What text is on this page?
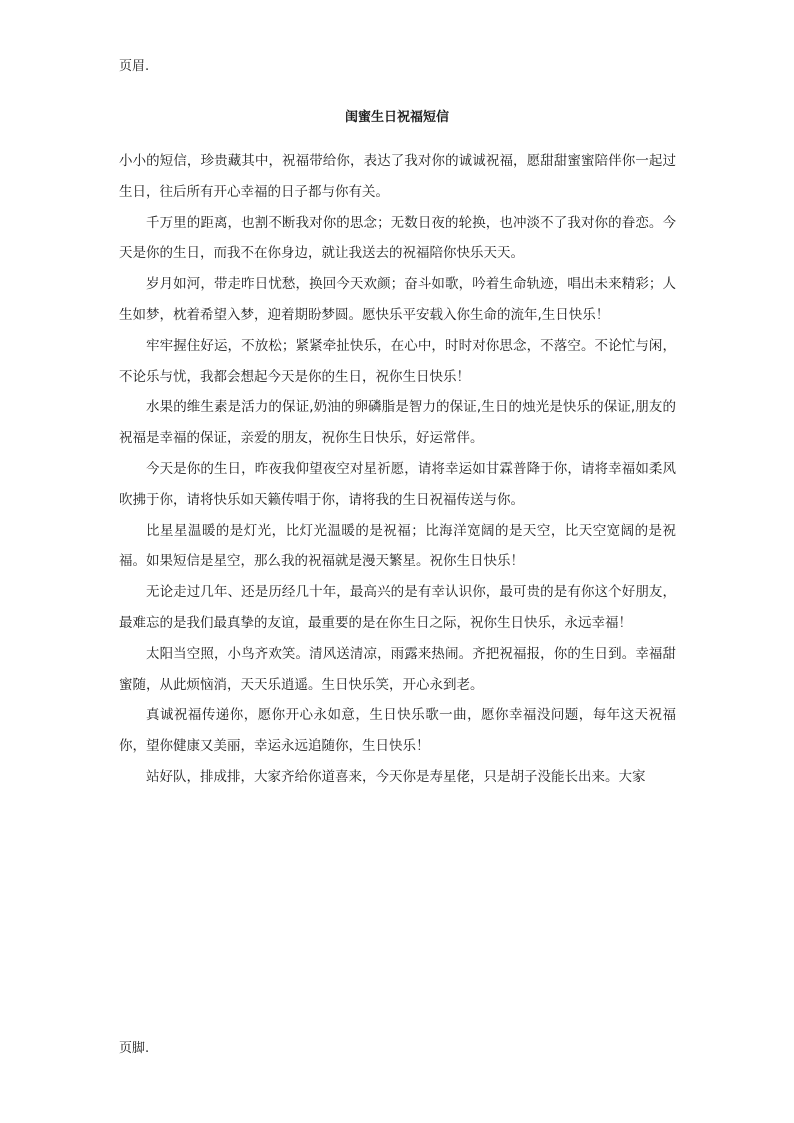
页眉.
闺蜜生日祝福短信

小小的短信，珍贵藏其中，祝福带给你，表达了我对你的诚诚祝福，愿甜甜蜜蜜陪伴你一起过生日，往后所有开心幸福的日子都与你有关。

千万里的距离，也割不断我对你的思念；无数日夜的轮换，也冲淡不了我对你的眷恋。今天是你的生日，而我不在你身边，就让我送去的祝福陪你快乐天天。

岁月如河，带走昨日忧愁，换回今天欢颜；奋斗如歌，吟着生命轨迹，唱出未来精彩；人生如梦，枕着希望入梦，迎着期盼梦圆。愿快乐平安载入你生命的流年,生日快乐！

牢牢握住好运，不放松；紧紧牵扯快乐，在心中，时时对你思念，不落空。不论忙与闲，不论乐与忧，我都会想起今天是你的生日，祝你生日快乐！

水果的维生素是活力的保证,奶油的卵磷脂是智力的保证,生日的烛光是快乐的保证,朋友的祝福是幸福的保证，亲爱的朋友，祝你生日快乐，好运常伴。

今天是你的生日，昨夜我仰望夜空对星祈愿，请将幸运如甘霖普降于你，请将幸福如柔风吹拂于你，请将快乐如天籁传唱于你，请将我的生日祝福传送与你。

比星星温暖的是灯光，比灯光温暖的是祝福；比海洋宽阔的是天空，比天空宽阔的是祝福。如果短信是星空，那么我的祝福就是漫天繁星。祝你生日快乐！

无论走过几年、还是历经几十年，最高兴的是有幸认识你，最可贵的是有你这个好朋友，最难忘的是我们最真挚的友谊，最重要的是在你生日之际，祝你生日快乐，永远幸福！

太阳当空照，小鸟齐欢笑。清风送清凉，雨露来热闹。齐把祝福报，你的生日到。幸福甜蜜随，从此烦恼消，天天乐逍遥。生日快乐笑，开心永到老。

真诚祝福传递你，愿你开心永如意，生日快乐歌一曲，愿你幸福没问题，每年这天祝福你，望你健康又美丽，幸运永远追随你，生日快乐！

站好队，排成排，大家齐给你道喜来，今天你是寿星佬，只是胡子没能长出来。大家

页脚.
